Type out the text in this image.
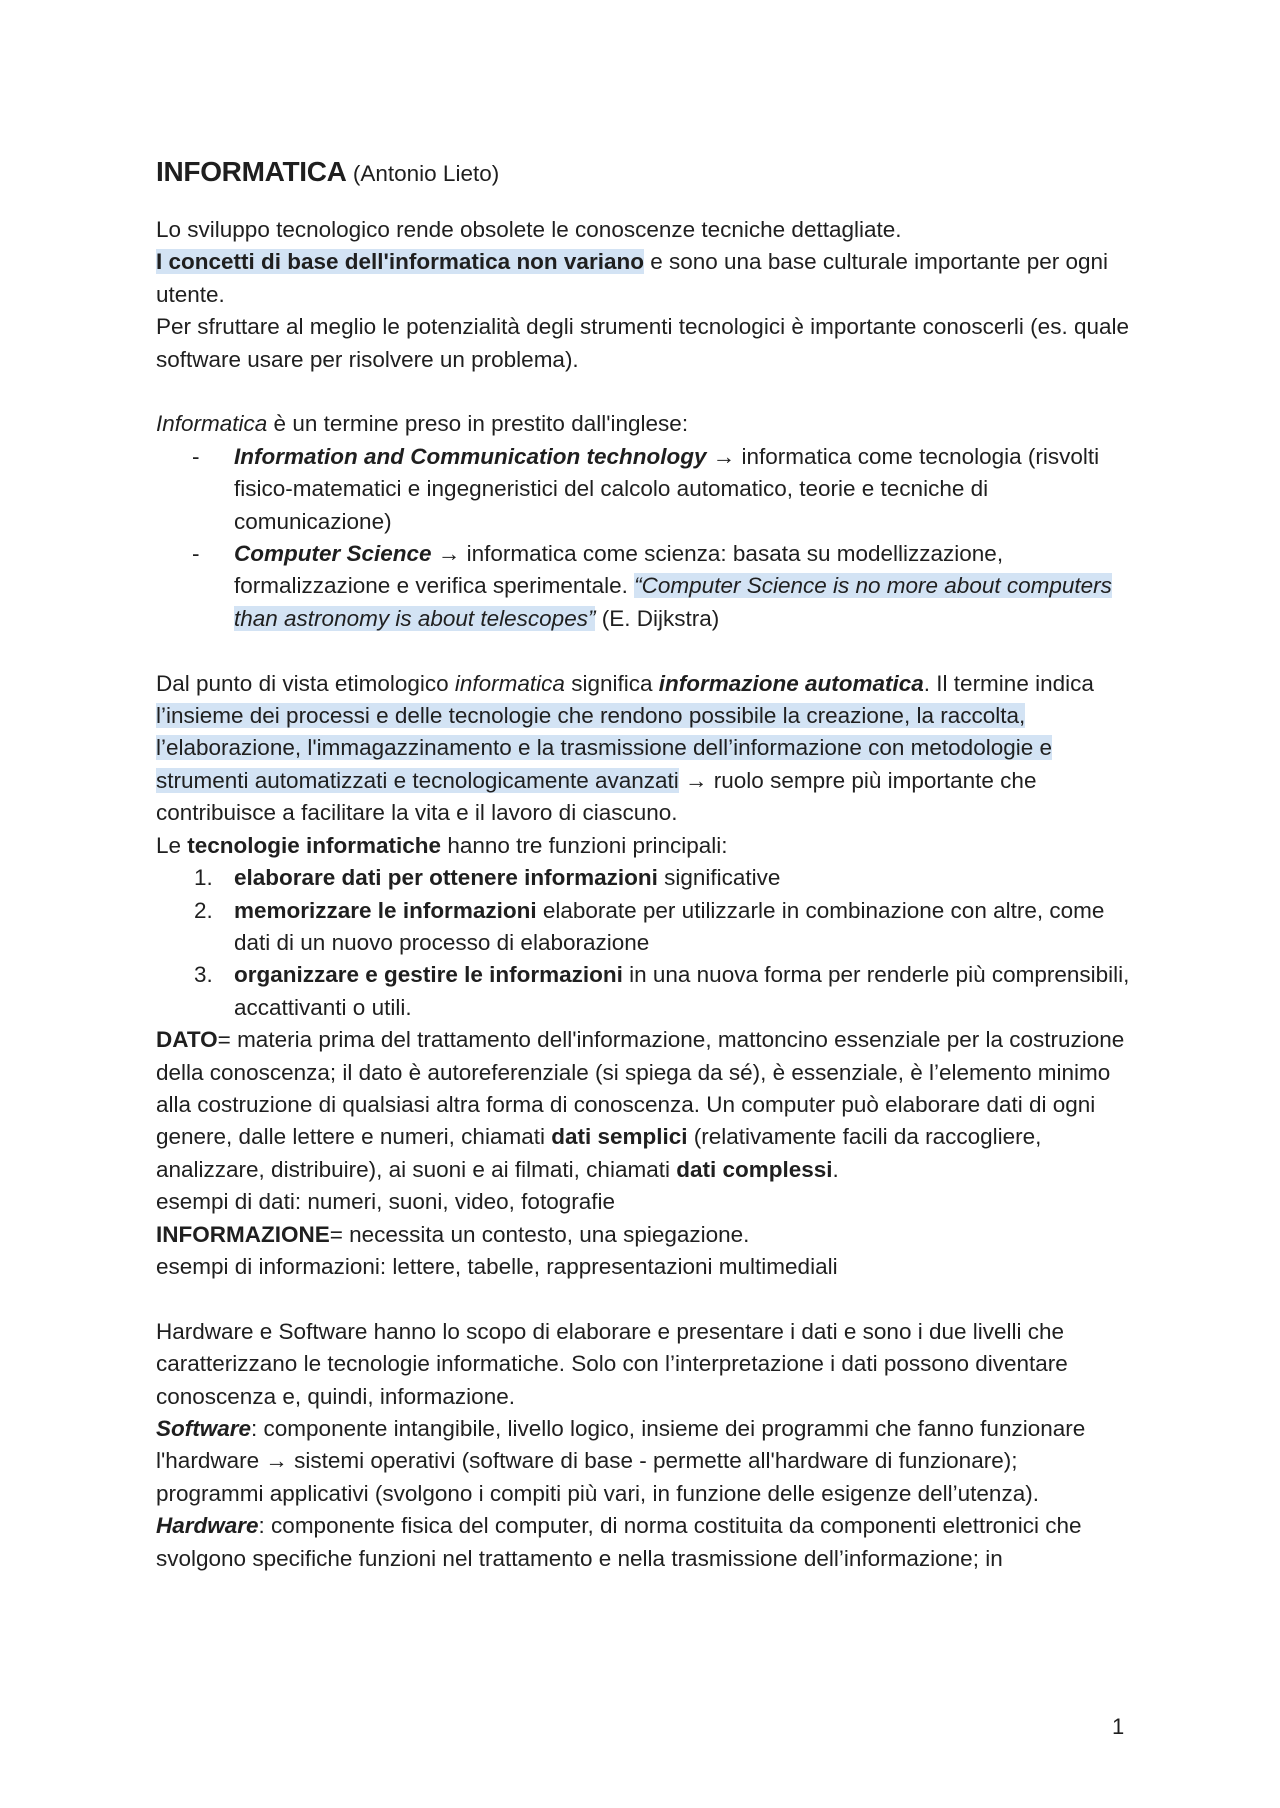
INFORMATICA (Antonio Lieto)

Lo sviluppo tecnologico rende obsolete le conoscenze tecniche dettagliate.

I concetti di base dell'informatica non variano e sono una base culturale importante per ogni utente.

Per sfruttare al meglio le potenzialità degli strumenti tecnologici è importante conoscerli (es. quale software usare per risolvere un problema).

Informatica è un termine preso in prestito dall'inglese:

- Information and Communication technology → informatica come tecnologia (risvolti fisico-matematici e ingegneristici del calcolo automatico, teorie e tecniche di comunicazione)
- Computer Science → informatica come scienza: basata su modellizzazione, formalizzazione e verifica sperimentale. “Computer Science is no more about computers than astronomy is about telescopes” (E. Dijkstra)

Dal punto di vista etimologico informatica significa informazione automatica. Il termine indica l’insieme dei processi e delle tecnologie che rendono possibile la creazione, la raccolta, l’elaborazione, l'immagazzinamento e la trasmissione dell’informazione con metodologie e strumenti automatizzati e tecnologicamente avanzati → ruolo sempre più importante che contribuisce a facilitare la vita e il lavoro di ciascuno.

Le tecnologie informatiche hanno tre funzioni principali:

1. elaborare dati per ottenere informazioni significative
2. memorizzare le informazioni elaborate per utilizzarle in combinazione con altre, come dati di un nuovo processo di elaborazione
3. organizzare e gestire le informazioni in una nuova forma per renderle più comprensibili, accattivanti o utili.

DATO= materia prima del trattamento dell'informazione, mattoncino essenziale per la costruzione della conoscenza; il dato è autoreferenziale (si spiega da sé), è essenziale, è l’elemento minimo alla costruzione di qualsiasi altra forma di conoscenza. Un computer può elaborare dati di ogni genere, dalle lettere e numeri, chiamati dati semplici (relativamente facili da raccogliere, analizzare, distribuire), ai suoni e ai filmati, chiamati dati complessi.

esempi di dati: numeri, suoni, video, fotografie

INFORMAZIONE= necessita un contesto, una spiegazione.

esempi di informazioni: lettere, tabelle, rappresentazioni multimediali

Hardware e Software hanno lo scopo di elaborare e presentare i dati e sono i due livelli che caratterizzano le tecnologie informatiche. Solo con l’interpretazione i dati possono diventare conoscenza e, quindi, informazione.

Software: componente intangibile, livello logico, insieme dei programmi che fanno funzionare l'hardware → sistemi operativi (software di base - permette all'hardware di funzionare); programmi applicativi (svolgono i compiti più vari, in funzione delle esigenze dell’utenza).

Hardware: componente fisica del computer, di norma costituita da componenti elettronici che svolgono specifiche funzioni nel trattamento e nella trasmissione dell’informazione; in

1
